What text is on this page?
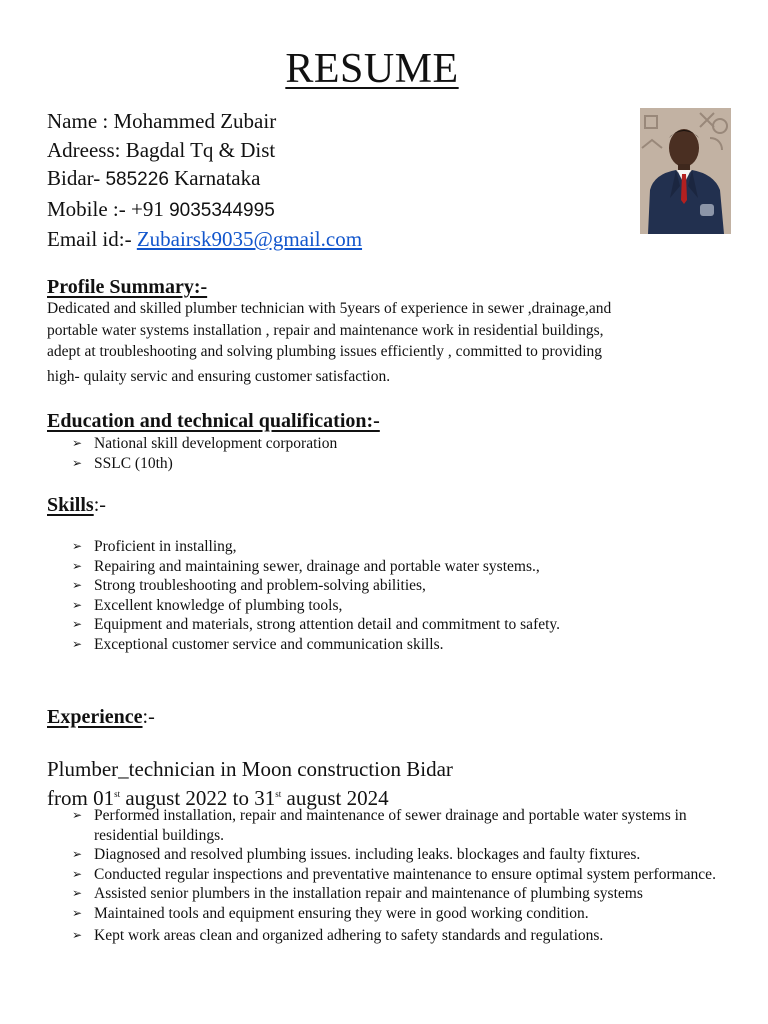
RESUME
Name : Mohammed Zubair
Adreess: Bagdal Tq & Dist
Bidar- 585226 Karnataka
Mobile :- +91 9035344995
Email id:- Zubairsk9035@gmail.com
Profile Summary:-
Dedicated and skilled plumber technician with 5years of experience in sewer ,drainage,and
portable water systems installation , repair and maintenance work in residential buildings,
adept at troubleshooting and solving plumbing issues efficiently , committed to providing
high- qulaity servic and ensuring customer satisfaction.
Education and technical qualification:-
➢ National skill development corporation
➢ SSLC (10th)
Skills:-
➢ Proficient in installing,
➢ Repairing and maintaining sewer, drainage and portable water systems.,
➢ Strong troubleshooting and problem-solving abilities,
➢ Excellent knowledge of plumbing tools,
➢ Equipment and materials, strong attention detail and commitment to safety.
➢ Exceptional customer service and communication skills.
Experience:-
Plumber_technician in Moon construction Bidar
from 01st august 2022 to 31st august 2024
➢ Performed installation, repair and maintenance of sewer drainage and portable water systems in residential buildings.
➢ Diagnosed and resolved plumbing issues. including leaks. blockages and faulty fixtures.
➢ Conducted regular inspections and preventative maintenance to ensure optimal system performance.
➢ Assisted senior plumbers in the installation repair and maintenance of plumbing systems
➢ Maintained tools and equipment ensuring they were in good working condition.
➢ Kept work areas clean and organized adhering to safety standards and regulations.
